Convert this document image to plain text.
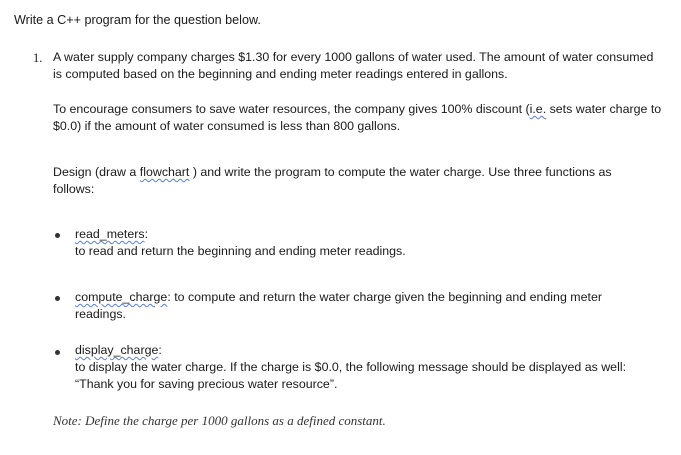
Write a C++ program for the question below.
1. A water supply company charges $1.30 for every 1000 gallons of water used. The amount of water consumed
is computed based on the beginning and ending meter readings entered in gallons.
To encourage consumers to save water resources, the company gives 100% discount (i.e. sets water charge to
$0.0) if the amount of water consumed is less than 800 gallons.
Design (draw a flowchart ) and write the program to compute the water charge. Use three functions as
follows:
read_meters:
to read and return the beginning and ending meter readings.
compute_charge: to compute and return the water charge given the beginning and ending meter
readings.
display_charge:
to display the water charge. If the charge is $0.0, the following message should be displayed as well:
“Thank you for saving precious water resource”.
Note: Define the charge per 1000 gallons as a defined constant.
